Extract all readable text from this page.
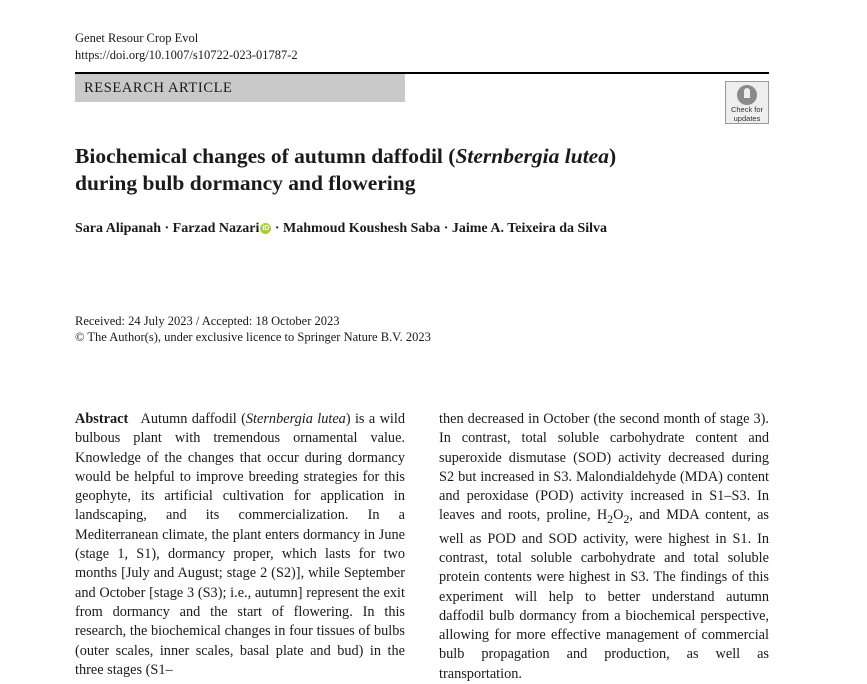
Genet Resour Crop Evol
https://doi.org/10.1007/s10722-023-01787-2
RESEARCH ARTICLE
Check for
updates
Biochemical changes of autumn daffodil (Sternbergia lutea)
during bulb dormancy and flowering
Sara Alipanah · Farzad Nazari iD · Mahmoud Koushesh Saba · Jaime A. Teixeira da Silva
Received: 24 July 2023 / Accepted: 18 October 2023
© The Author(s), under exclusive licence to Springer Nature B.V. 2023

Abstract Autumn daffodil (Sternbergia lutea) is a wild bulbous plant with tremendous ornamental value. Knowledge of the changes that occur during dormancy would be helpful to improve breeding strategies for this geophyte, its artificial cultivation for application in landscaping, and its commercialization. In a Mediterranean climate, the plant enters dormancy in June (stage 1, S1), dormancy proper, which lasts for two months [July and August; stage 2 (S2)], while September and October [stage 3 (S3); i.e., autumn] represent the exit from dormancy and the start of flowering. In this research, the biochemical changes in four tissues of bulbs (outer scales, inner scales, basal plate and bud) in the three stages (S1–

then decreased in October (the second month of stage 3). In contrast, total soluble carbohydrate content and superoxide dismutase (SOD) activity decreased during S2 but increased in S3. Malondialdehyde (MDA) content and peroxidase (POD) activity increased in S1–S3. In leaves and roots, proline, $H_2O_2$, and MDA content, as well as POD and SOD activity, were highest in S1. In contrast, total soluble carbohydrate and total soluble protein contents were highest in S3. The findings of this experiment will help to better understand autumn daffodil bulb dormancy from a biochemical perspective, allowing for more effective management of commercial bulb propagation and production, as well as transportation.
